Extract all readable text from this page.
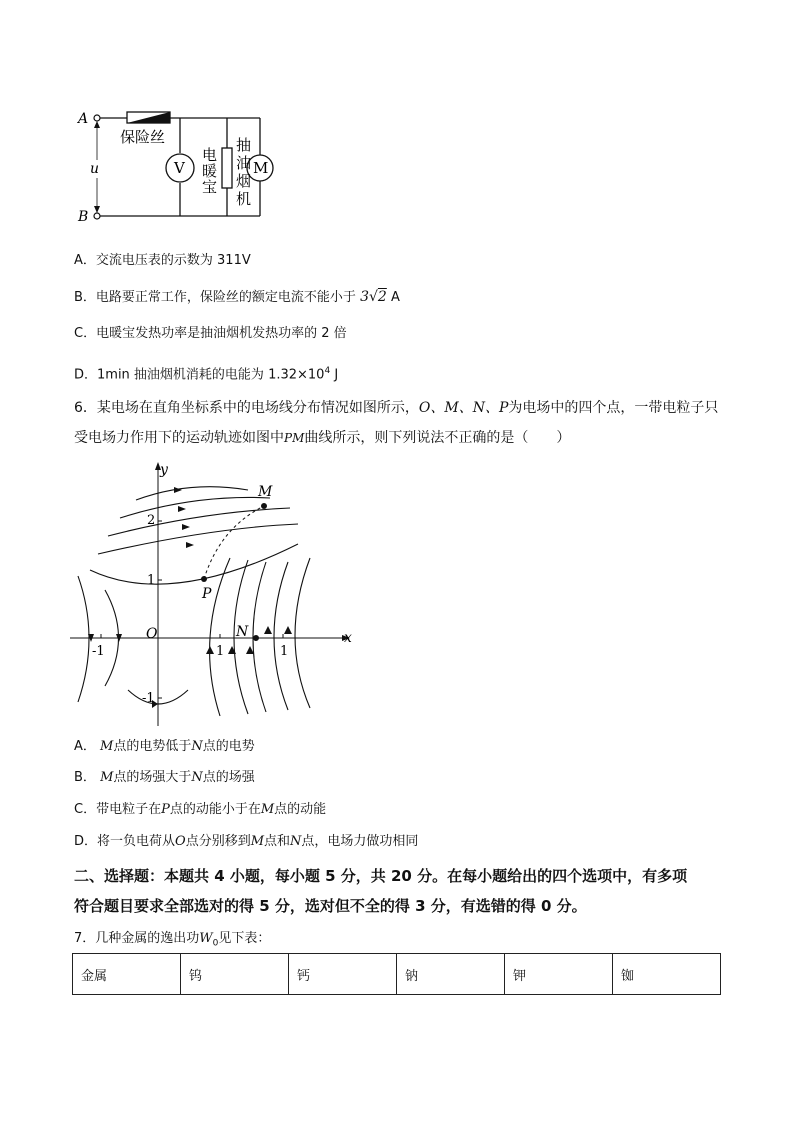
A
B
u
保险丝
V	M
电
暖
宝
抽
油
烟
机
A．交流电压表的示数为 311V
B．电路要正常工作，保险丝的额定电流不能小于 3√2 A
C．电暖宝发热功率是抽油烟机发热功率的 2 倍
D．1min 抽油烟机消耗的电能为 $1.32\times 10^4$ J
6．某电场在直角坐标系中的电场线分布情况如图所示，O、M、N、P为电场中的四个点，一带电粒子只
受电场力作用下的运动轨迹如图中PM曲线所示，则下列说法不正确的是（　　）
y
x
O
M
P
N
-1	1	1
2
1
-1
A． M点的电势低于N点的电势
B． M点的场强大于N点的场强
C．带电粒子在P点的动能小于在M点的动能
D．将一负电荷从O点分别移到M点和N点，电场力做功相同
二、选择题：本题共 4 小题，每小题 5 分，共 20 分。在每小题给出的四个选项中，有多项
符合题目要求全部选对的得 5 分，选对但不全的得 3 分，有选错的得 0 分。
7．几种金属的逸出功$W_0$见下表：
金属	钨	钙	钠	钾	铷
